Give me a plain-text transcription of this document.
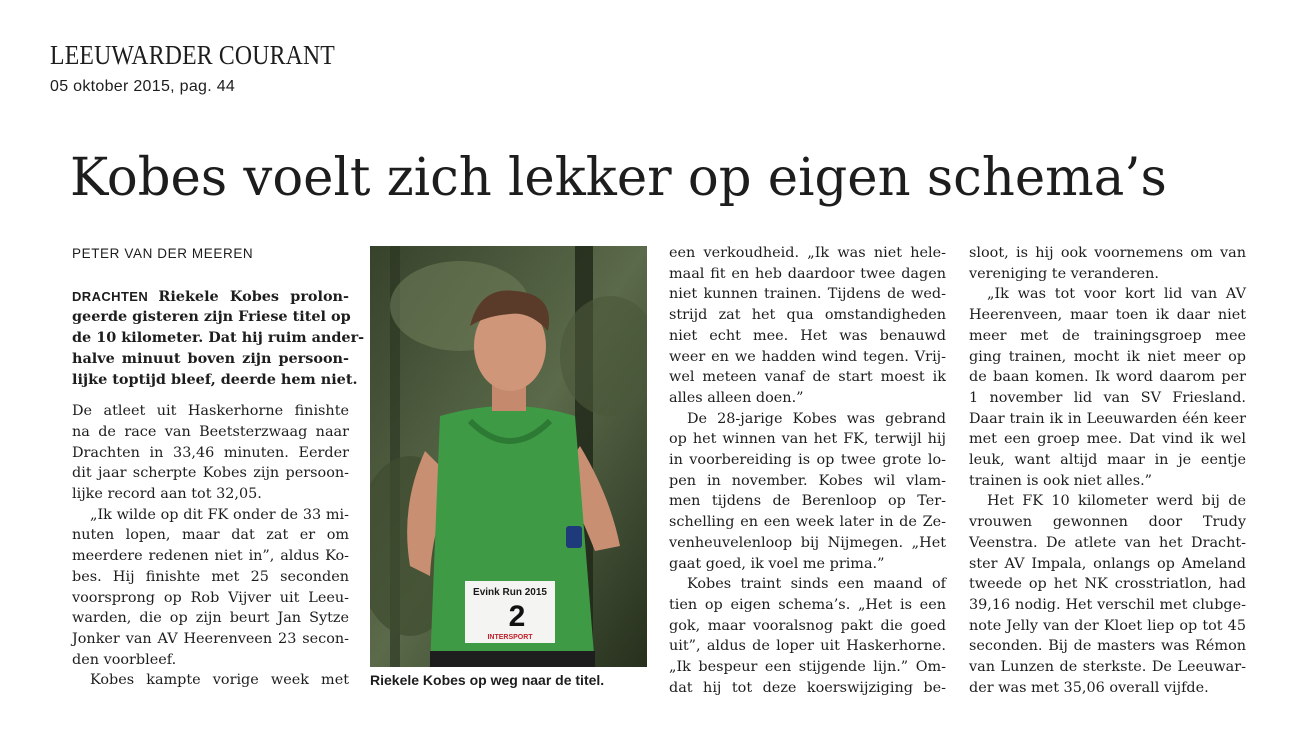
LEEUWARDER COURANT
05 oktober 2015, pag. 44
Kobes voelt zich lekker op eigen schema’s

PETER VAN DER MEEREN

DRACHTEN Riekele Kobes prolon-
geerde gisteren zijn Friese titel op
de 10 kilometer. Dat hij ruim ander-
halve minuut boven zijn persoon-
lijke toptijd bleef, deerde hem niet.

De atleet uit Haskerhorne finishte
na de race van Beetsterzwaag naar
Drachten in 33,46 minuten. Eerder
dit jaar scherpte Kobes zijn persoon-
lijke record aan tot 32,05.

„Ik wilde op dit FK onder de 33 mi-
nuten lopen, maar dat zat er om
meerdere redenen niet in”, aldus Ko-
bes. Hij finishte met 25 seconden
voorsprong op Rob Vijver uit Leeu-
warden, die op zijn beurt Jan Sytze
Jonker van AV Heerenveen 23 secon-
den voorbleef.

Kobes kampte vorige week met

Evink Run 2015
2
INTERSPORT
Riekele Kobes op weg naar de titel.

een verkoudheid. „Ik was niet hele-
maal fit en heb daardoor twee dagen
niet kunnen trainen. Tijdens de wed-
strijd zat het qua omstandigheden
niet echt mee. Het was benauwd
weer en we hadden wind tegen. Vrij-
wel meteen vanaf de start moest ik
alles alleen doen.”

De 28-jarige Kobes was gebrand
op het winnen van het FK, terwijl hij
in voorbereiding is op twee grote lo-
pen in november. Kobes wil vlam-
men tijdens de Berenloop op Ter-
schelling en een week later in de Ze-
venheuvelenloop bij Nijmegen. „Het
gaat goed, ik voel me prima.”

Kobes traint sinds een maand of
tien op eigen schema’s. „Het is een
gok, maar vooralsnog pakt die goed
uit”, aldus de loper uit Haskerhorne.
„Ik bespeur een stijgende lijn.” Om-
dat hij tot deze koerswijziging be-

sloot, is hij ook voornemens om van
vereniging te veranderen.

„Ik was tot voor kort lid van AV
Heerenveen, maar toen ik daar niet
meer met de trainingsgroep mee
ging trainen, mocht ik niet meer op
de baan komen. Ik word daarom per
1 november lid van SV Friesland.
Daar train ik in Leeuwarden één keer
met een groep mee. Dat vind ik wel
leuk, want altijd maar in je eentje
trainen is ook niet alles.”

Het FK 10 kilometer werd bij de
vrouwen gewonnen door Trudy
Veenstra. De atlete van het Dracht-
ster AV Impala, onlangs op Ameland
tweede op het NK crosstriatlon, had
39,16 nodig. Het verschil met clubge-
note Jelly van der Kloet liep op tot 45
seconden. Bij de masters was Rémon
van Lunzen de sterkste. De Leeuwar-
der was met 35,06 overall vijfde.
